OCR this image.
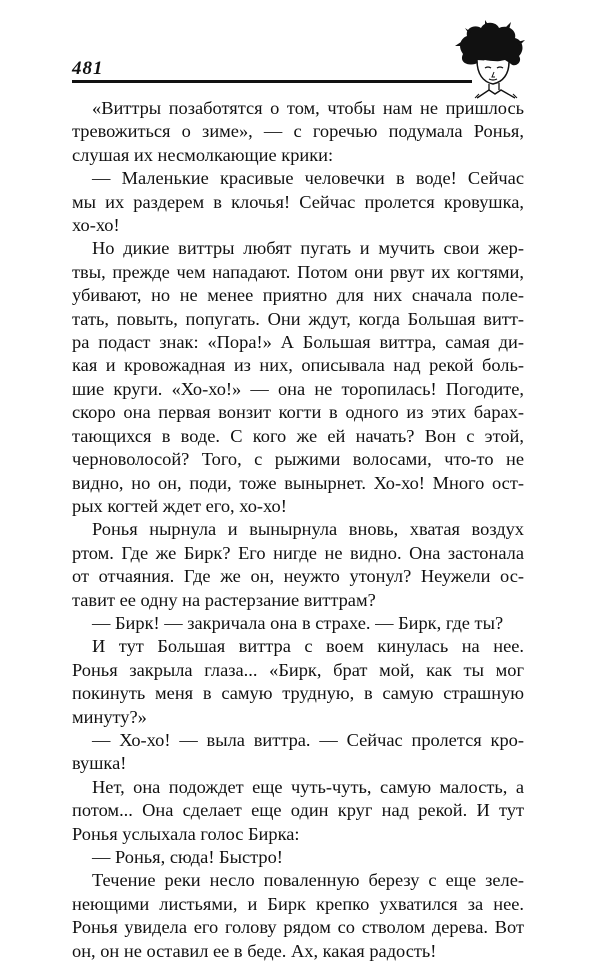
481

«Виттры позаботятся о том, чтобы нам не пришлось
тревожиться о зиме», — с горечью подумала Ронья,
слушая их несмолкающие крики:

— Маленькие красивые человечки в воде! Сейчас
мы их раздерем в клочья! Сейчас пролется кровушка,
хо-хо!

Но дикие виттры любят пугать и мучить свои жер-
твы, прежде чем нападают. Потом они рвут их когтями,
убивают, но не менее приятно для них сначала поле-
тать, повыть, попугать. Они ждут, когда Большая витт-
ра подаст знак: «Пора!» А Большая виттра, самая ди-
кая и кровожадная из них, описывала над рекой боль-
шие круги. «Хо-хо!» — она не торопилась! Погодите,
скоро она первая вонзит когти в одного из этих барах-
тающихся в воде. С кого же ей начать? Вон с этой,
черноволосой? Того, с рыжими волосами, что-то не
видно, но он, поди, тоже вынырнет. Хо-хо! Много ост-
рых когтей ждет его, хо-хо!

Ронья нырнула и вынырнула вновь, хватая воздух
ртом. Где же Бирк? Его нигде не видно. Она застонала
от отчаяния. Где же он, неужто утонул? Неужели ос-
тавит ее одну на растерзание виттрам?

— Бирк! — закричала она в страхе. — Бирк, где ты?

И тут Большая виттра с воем кинулась на нее.
Ронья закрыла глаза... «Бирк, брат мой, как ты мог
покинуть меня в самую трудную, в самую страшную
минуту?»

— Хо-хо! — выла виттра. — Сейчас пролется кро-
вушка!

Нет, она подождет еще чуть-чуть, самую малость, а
потом... Она сделает еще один круг над рекой. И тут
Ронья услыхала голос Бирка:

— Ронья, сюда! Быстро!

Течение реки несло поваленную березу с еще зеле-
неющими листьями, и Бирк крепко ухватился за нее.
Ронья увидела его голову рядом со стволом дерева. Вот
он, он не оставил ее в беде. Ах, какая радость!
